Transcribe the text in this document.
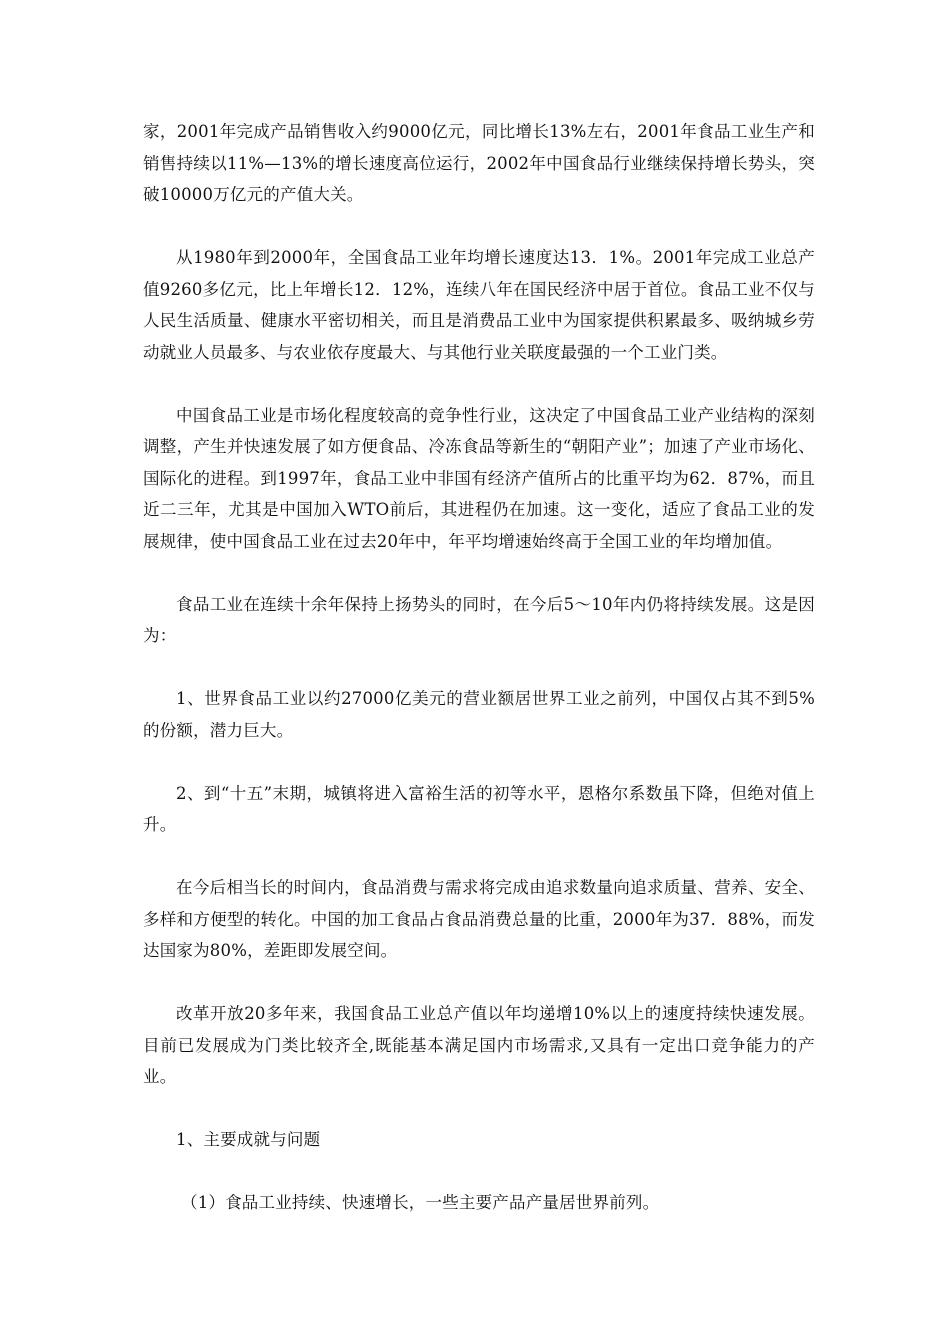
家，2001年完成产品销售收入约9000亿元，同比增长13%左右，2001年食品工业生产和销售持续以11%—13%的增长速度高位运行，2002年中国食品行业继续保持增长势头，突破10000万亿元的产值大关。

从1980年到2000年，全国食品工业年均增长速度达13．1%。2001年完成工业总产值9260多亿元，比上年增长12．12%，连续八年在国民经济中居于首位。食品工业不仅与人民生活质量、健康水平密切相关，而且是消费品工业中为国家提供积累最多、吸纳城乡劳动就业人员最多、与农业依存度最大、与其他行业关联度最强的一个工业门类。

中国食品工业是市场化程度较高的竞争性行业，这决定了中国食品工业产业结构的深刻调整，产生并快速发展了如方便食品、冷冻食品等新生的“朝阳产业”；加速了产业市场化、国际化的进程。到1997年，食品工业中非国有经济产值所占的比重平均为62．87%，而且近二三年，尤其是中国加入WTO前后，其进程仍在加速。这一变化，适应了食品工业的发展规律，使中国食品工业在过去20年中，年平均增速始终高于全国工业的年均增加值。

食品工业在连续十余年保持上扬势头的同时，在今后5～10年内仍将持续发展。这是因为：

1、世界食品工业以约27000亿美元的营业额居世界工业之前列，中国仅占其不到5%的份额，潜力巨大。

2、到“十五”末期，城镇将进入富裕生活的初等水平，恩格尔系数虽下降，但绝对值上升。

在今后相当长的时间内，食品消费与需求将完成由追求数量向追求质量、营养、安全、多样和方便型的转化。中国的加工食品占食品消费总量的比重，2000年为37．88%，而发达国家为80%，差距即发展空间。

改革开放20多年来，我国食品工业总产值以年均递增10%以上的速度持续快速发展。目前已发展成为门类比较齐全,既能基本满足国内市场需求,又具有一定出口竞争能力的产业。

1、主要成就与问题

（1）食品工业持续、快速增长，一些主要产品产量居世界前列。
